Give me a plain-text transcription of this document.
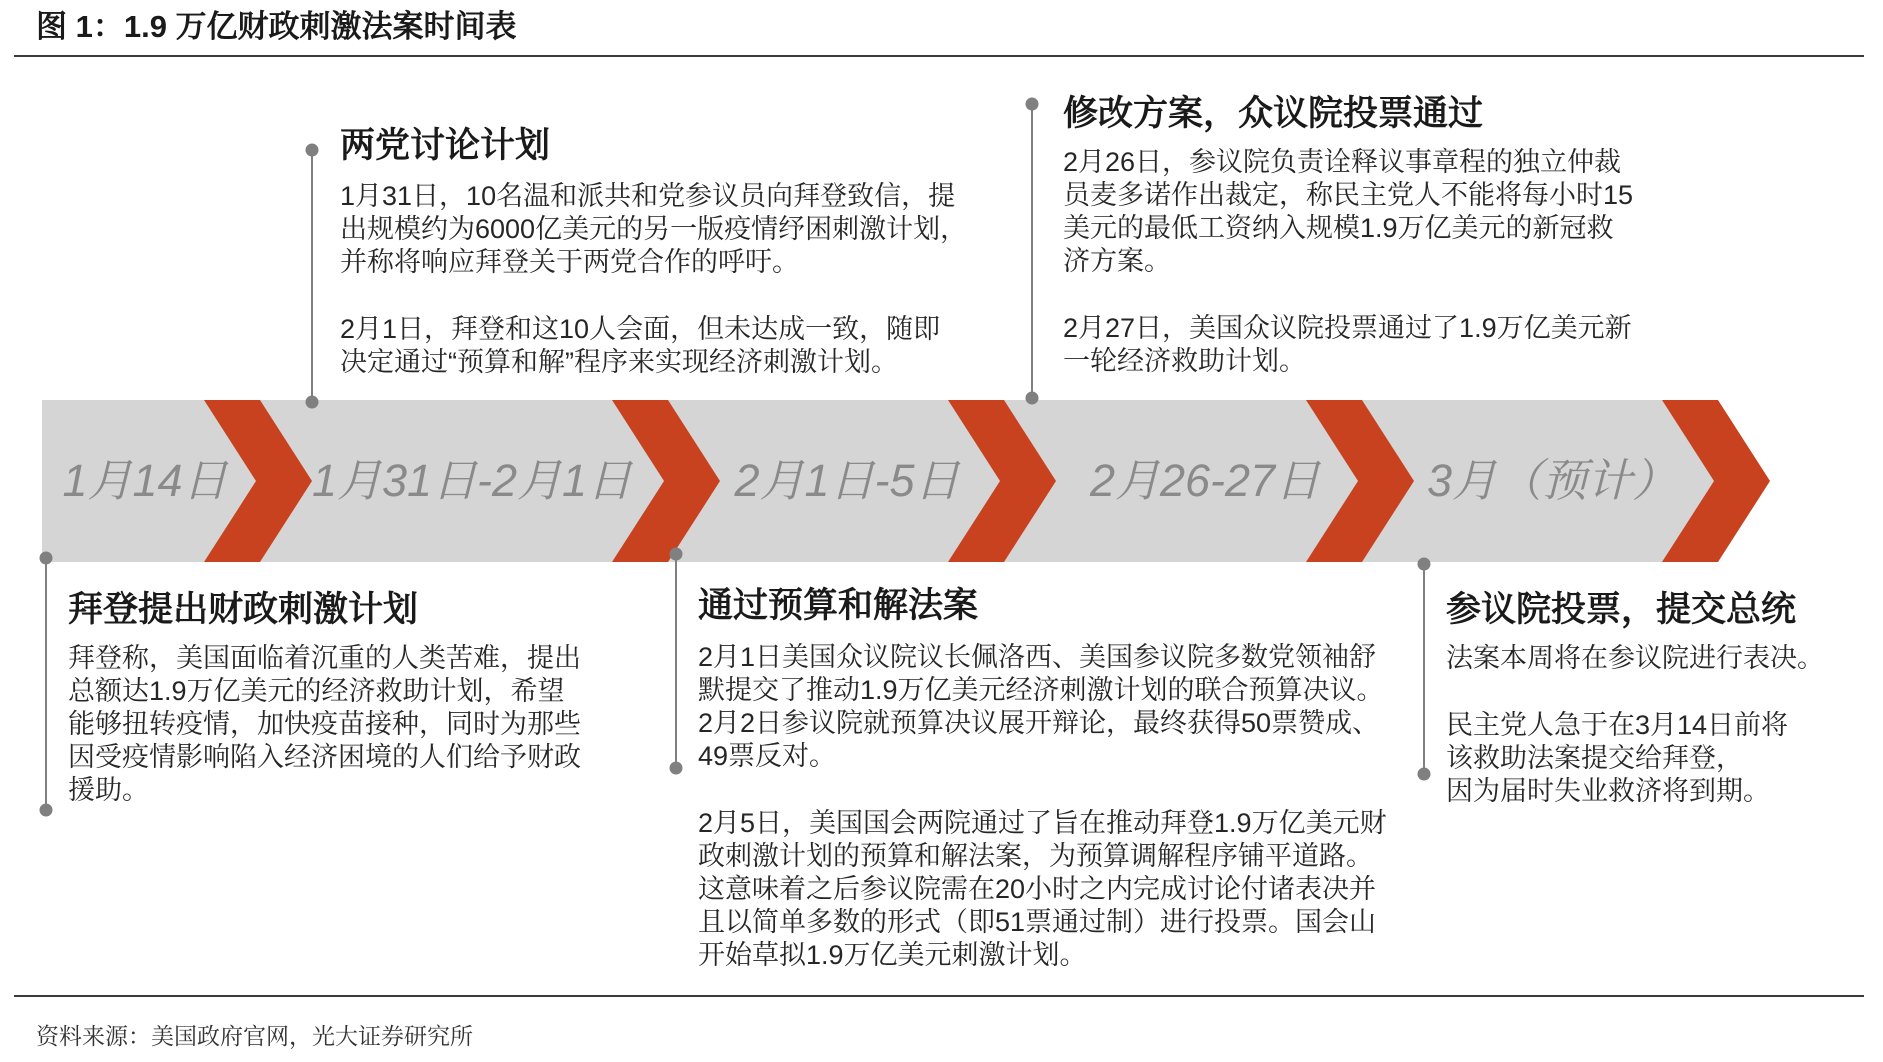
图 1：1.9 万亿财政刺激法案时间表
1月14日 1月31日-2月1日 2月1日-5日	2月26-27日 3月（预计）
拜登提出财政刺激计划
拜登称，美国面临着沉重的人类苦难，提出
总额达1.9万亿美元的经济救助计划，希望
能够扭转疫情，加快疫苗接种，同时为那些
因受疫情影响陷入经济困境的人们给予财政
援助。
两党讨论计划
1月31日，10名温和派共和党参议员向拜登致信，提
出规模约为6000亿美元的另一版疫情纾困刺激计划，
并称将响应拜登关于两党合作的呼吁。
2月1日，拜登和这10人会面，但未达成一致，随即
决定通过“预算和解”程序来实现经济刺激计划。
通过预算和解法案
2月1日美国众议院议长佩洛西、美国参议院多数党领袖舒
默提交了推动1.9万亿美元经济刺激计划的联合预算决议。
2月2日参议院就预算决议展开辩论，最终获得50票赞成、
49票反对。
2月5日，美国国会两院通过了旨在推动拜登1.9万亿美元财
政刺激计划的预算和解法案，为预算调解程序铺平道路。
这意味着之后参议院需在20小时之内完成讨论付诸表决并
且以简单多数的形式（即51票通过制）进行投票。国会山
开始草拟1.9万亿美元刺激计划。
修改方案，众议院投票通过
2月26日，参议院负责诠释议事章程的独立仲裁
员麦多诺作出裁定，称民主党人不能将每小时15
美元的最低工资纳入规模1.9万亿美元的新冠救
济方案。
2月27日，美国众议院投票通过了1.9万亿美元新
一轮经济救助计划。
参议院投票，提交总统
法案本周将在参议院进行表决。
民主党人急于在3月14日前将
该救助法案提交给拜登，
因为届时失业救济将到期。
资料来源：美国政府官网，光大证券研究所
